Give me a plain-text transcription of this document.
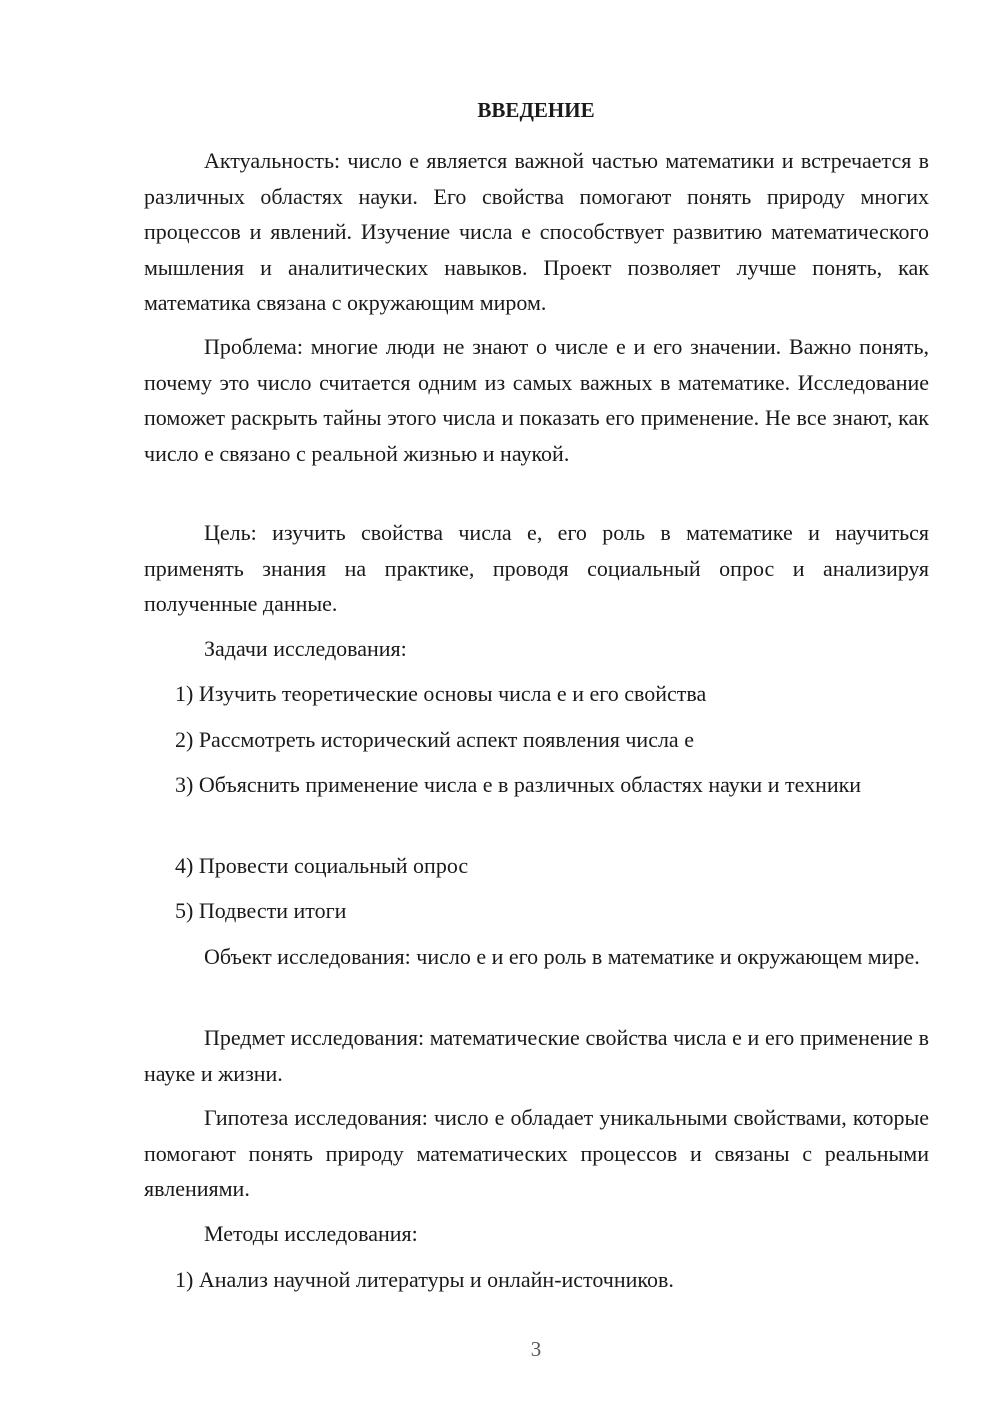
ВВЕДЕНИЕ

Актуальность: число е является важной частью математики и встречается в различных областях науки. Его свойства помогают понять природу многих процессов и явлений. Изучение числа е способствует развитию математического мышления и аналитических навыков. Проект позволяет лучше понять, как математика связана с окружающим миром.

Проблема: многие люди не знают о числе е и его значении. Важно понять, почему это число считается одним из самых важных в математике. Исследование поможет раскрыть тайны этого числа и показать его применение. Не все знают, как число е связано с реальной жизнью и наукой.

Цель: изучить свойства числа е, его роль в математике и научиться применять знания на практике, проводя социальный опрос и анализируя полученные данные.

Задачи исследования:

1) Изучить теоретические основы числа е и его свойства

2) Рассмотреть исторический аспект появления числа е

3) Объяснить применение числа е в различных областях науки и техники

4) Провести социальный опрос

5) Подвести итоги

Объект исследования: число е и его роль в математике и окружающем мире.

Предмет исследования: математические свойства числа е и его применение в науке и жизни.

Гипотеза исследования: число е обладает уникальными свойствами, которые помогают понять природу математических процессов и связаны с реальными явлениями.

Методы исследования:

1) Анализ научной литературы и онлайн-источников.

3
